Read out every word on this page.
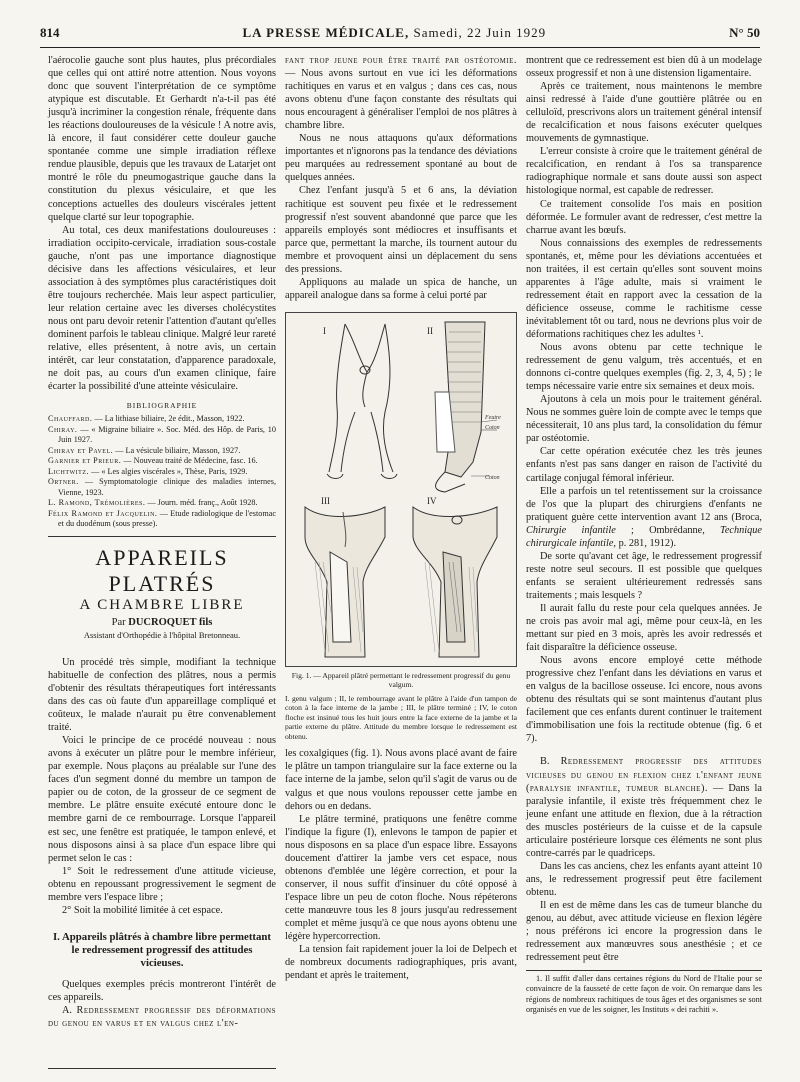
814	LA PRESSE MÉDICALE, Samedi, 22 Juin 1929	N° 50

l'aérocolie gauche sont plus hautes, plus précordiales que celles qui ont attiré notre attention. Nous voyons donc que souvent l'interprétation de ce symptôme atypique est discutable. Et Gerhardt n'a-t-il pas été jusqu'à incriminer la congestion rénale, fréquente dans les réactions douloureuses de la vésicule ! A notre avis, là encore, il faut considérer cette douleur gauche spontanée comme une simple irradiation réflexe rendue plausible, depuis que les travaux de Latarjet ont montré le rôle du pneumogastrique gauche dans la constitution du plexus vésiculaire, et que les conceptions actuelles des douleurs viscérales jettent quelque clarté sur leur topographie.

Au total, ces deux manifestations douloureuses : irradiation occipito-cervicale, irradiation sous-costale gauche, n'ont pas une importance diagnostique décisive dans les affections vésiculaires, et leur association à des symptômes plus caractéristiques doit être toujours recherchée. Mais leur aspect particulier, leur relation certaine avec les diverses cholécystites nous ont paru devoir retenir l'attention d'autant qu'elles dominent parfois le tableau clinique. Malgré leur rareté relative, elles présentent, à notre avis, un certain intérêt, car leur constatation, d'apparence paradoxale, ne doit pas, au cours d'un examen clinique, faire écarter la possibilité d'une atteinte vésiculaire.

BIBLIOGRAPHIE

Chauffard. — La lithiase biliaire, 2e édit., Masson, 1922.

Chiray. — « Migraine biliaire ». Soc. Méd. des Hôp. de Paris, 10 Juin 1927.

Chiray et Pavel. — La vésicule biliaire, Masson, 1927.

Garnier et Prieur. — Nouveau traité de Médecine, fasc. 16.

Lichtwitz. — « Les algies viscérales », Thèse, Paris, 1929.

Ortner. — Symptomatologie clinique des maladies internes, Vienne, 1923.

L. Ramond, Trémolières. — Journ. méd. franç., Août 1928.

Félix Ramond et Jacquelin. — Etude radiologique de l'estomac et du duodénum (sous presse).

APPAREILS PLATRÉS
A CHAMBRE LIBRE
Par DUCROQUET fils
Assistant d'Orthopédie à l'hôpital Bretonneau.

Un procédé très simple, modifiant la technique habituelle de confection des plâtres, nous a permis d'obtenir des résultats thérapeutiques fort intéressants dans des cas où faute d'un appareillage compliqué et coûteux, le malade n'aurait pu être convenablement traité.

Voici le principe de ce procédé nouveau : nous avons à exécuter un plâtre pour le membre inférieur, par exemple. Nous plaçons au préalable sur l'une des faces d'un segment donné du membre un tampon de papier ou de coton, de la grosseur de ce segment de membre. Le plâtre ensuite exécuté entoure donc le membre garni de ce rembourrage. Lorsque l'appareil est sec, une fenêtre est pratiquée, le tampon enlevé, et nous disposons ainsi à sa place d'un espace libre qui permet selon le cas :

1° Soit le redressement d'une attitude vicieuse, obtenu en repoussant progressivement le segment de membre vers l'espace libre ;

2° Soit la mobilité limitée à cet espace.

I. Appareils plâtrés à chambre libre permettant le redressement progressif des attitudes vicieuses.

Quelques exemples précis montreront l'intérêt de ces appareils.

A. Redressement progressif des déformations du genou en varus et en valgus chez l'en-

fant trop jeune pour être traité par ostéotomie. — Nous avons surtout en vue ici les déformations rachitiques en varus et en valgus ; dans ces cas, nous avons obtenu d'une façon constante des résultats qui nous encouragent à généraliser l'emploi de nos plâtres à chambre libre.

Nous ne nous attaquons qu'aux déformations importantes et n'ignorons pas la tendance des déviations peu marquées au redressement spontané au bout de quelques années.

Chez l'enfant jusqu'à 5 et 6 ans, la déviation rachitique est souvent peu fixée et le redressement progressif n'est souvent abandonné que parce que les appareils employés sont médiocres et insuffisants et parce que, permettant la marche, ils tournent autour du membre et provoquent ainsi un déplacement du sens des pressions.

Appliquons au malade un spica de hanche, un appareil analogue dans sa forme à celui porté par

I	II
Feutre
Coton
Coton
III	IV

Fig. 1. — Appareil plâtré permettant le redressement progressif du genu valgum.

I. genu valgum ; II, le rembourrage avant le plâtre à l'aide d'un tampon de coton à la face interne de la jambe ; III, le plâtre terminé ; IV, le coton floche est insinué tous les huit jours entre la face externe de la jambe et la partie externe du plâtre. Attitude du membre lorsque le redressement est obtenu.

les coxalgiques (fig. 1). Nous avons placé avant de faire le plâtre un tampon triangulaire sur la face externe ou la face interne de la jambe, selon qu'il s'agit de varus ou de valgus et que nous voulons repousser cette jambe en dehors ou en dedans.

Le plâtre terminé, pratiquons une fenêtre comme l'indique la figure (I), enlevons le tampon de papier et nous disposons en sa place d'un espace libre. Essayons doucement d'attirer la jambe vers cet espace, nous obtenons d'emblée une légère correction, et pour la conserver, il nous suffit d'insinuer du côté opposé à l'espace libre un peu de coton floche. Nous répéterons cette manœuvre tous les 8 jours jusqu'au redressement complet et même jusqu'à ce que nous ayons obtenu une légère hypercorrection.

La tension fait rapidement jouer la loi de Delpech et de nombreux documents radiographiques, pris avant, pendant et après le traitement,

montrent que ce redressement est bien dû à un modelage osseux progressif et non à une distension ligamentaire.

Après ce traitement, nous maintenons le membre ainsi redressé à l'aide d'une gouttière plâtrée ou en celluloïd, prescrivons alors un traitement général intensif de recalcification et nous faisons exécuter quelques mouvements de gymnastique.

L'erreur consiste à croire que le traitement général de recalcification, en rendant à l'os sa transparence radiographique normale et sans doute aussi son aspect histologique normal, est capable de redresser.

Ce traitement consolide l'os mais en position déformée. Le formuler avant de redresser, c'est mettre la charrue avant les bœufs.

Nous connaissions des exemples de redressements spontanés, et, même pour les déviations accentuées et non traitées, il est certain qu'elles sont souvent moins apparentes à l'âge adulte, mais si vraiment le redressement était en rapport avec la cessation de la déficience osseuse, comme le rachitisme cesse inévitablement tôt ou tard, nous ne devrions plus voir de déformations rachitiques chez les adultes ¹.

Nous avons obtenu par cette technique le redressement de genu valgum, très accentués, et en donnons ci-contre quelques exemples (fig. 2, 3, 4, 5) ; le temps nécessaire varie entre six semaines et deux mois.

Ajoutons à cela un mois pour le traitement général. Nous ne sommes guère loin de compte avec le temps que nécessiterait, 10 ans plus tard, la consolidation du fémur par ostéotomie.

Car cette opération exécutée chez les très jeunes enfants n'est pas sans danger en raison de l'activité du cartilage conjugal fémoral inférieur.

Elle a parfois un tel retentissement sur la croissance de l'os que la plupart des chirurgiens d'enfants ne pratiquent guère cette intervention avant 12 ans (Broca, Chirurgie infantile ; Ombrédanne, Technique chirurgicale infantile, p. 281, 1912).

De sorte qu'avant cet âge, le redressement progressif reste notre seul secours. Il est possible que quelques enfants se seraient ultérieurement redressés sans traitements ; mais lesquels ?

Il aurait fallu du reste pour cela quelques années. Je ne crois pas avoir mal agi, même pour ceux-là, en les mettant sur pied en 3 mois, après les avoir redressés et fait disparaître la déficience osseuse.

Nous avons encore employé cette méthode progressive chez l'enfant dans les déviations en varus et en valgus de la bacillose osseuse. Ici encore, nous avons obtenu des résultats qui se sont maintenus d'autant plus facilement que ces enfants durent continuer le traitement d'immobilisation une fois la rectitude obtenue (fig. 6 et 7).

B. Redressement progressif des attitudes vicieuses du genou en flexion chez l'enfant jeune (paralysie infantile, tumeur blanche). — Dans la paralysie infantile, il existe très fréquemment chez le jeune enfant une attitude en flexion, due à la rétraction des muscles postérieurs de la cuisse et de la capsule articulaire postérieure lorsque ces éléments ne sont plus contre-carrés par le quadriceps.

Dans les cas anciens, chez les enfants ayant atteint 10 ans, le redressement progressif peut être facilement obtenu.

Il en est de même dans les cas de tumeur blanche du genou, au début, avec attitude vicieuse en flexion légère ; nous préférons ici encore la progression dans le redressement aux manœuvres sous anesthésie ; et ce redressement peut être

1. Il suffit d'aller dans certaines régions du Nord de l'Italie pour se convaincre de la fausseté de cette façon de voir. On remarque dans les régions de nombreux rachitiques de tous âges et des organismes se sont organisés en vue de les soigner, les Instituts « dei rachiti ».
